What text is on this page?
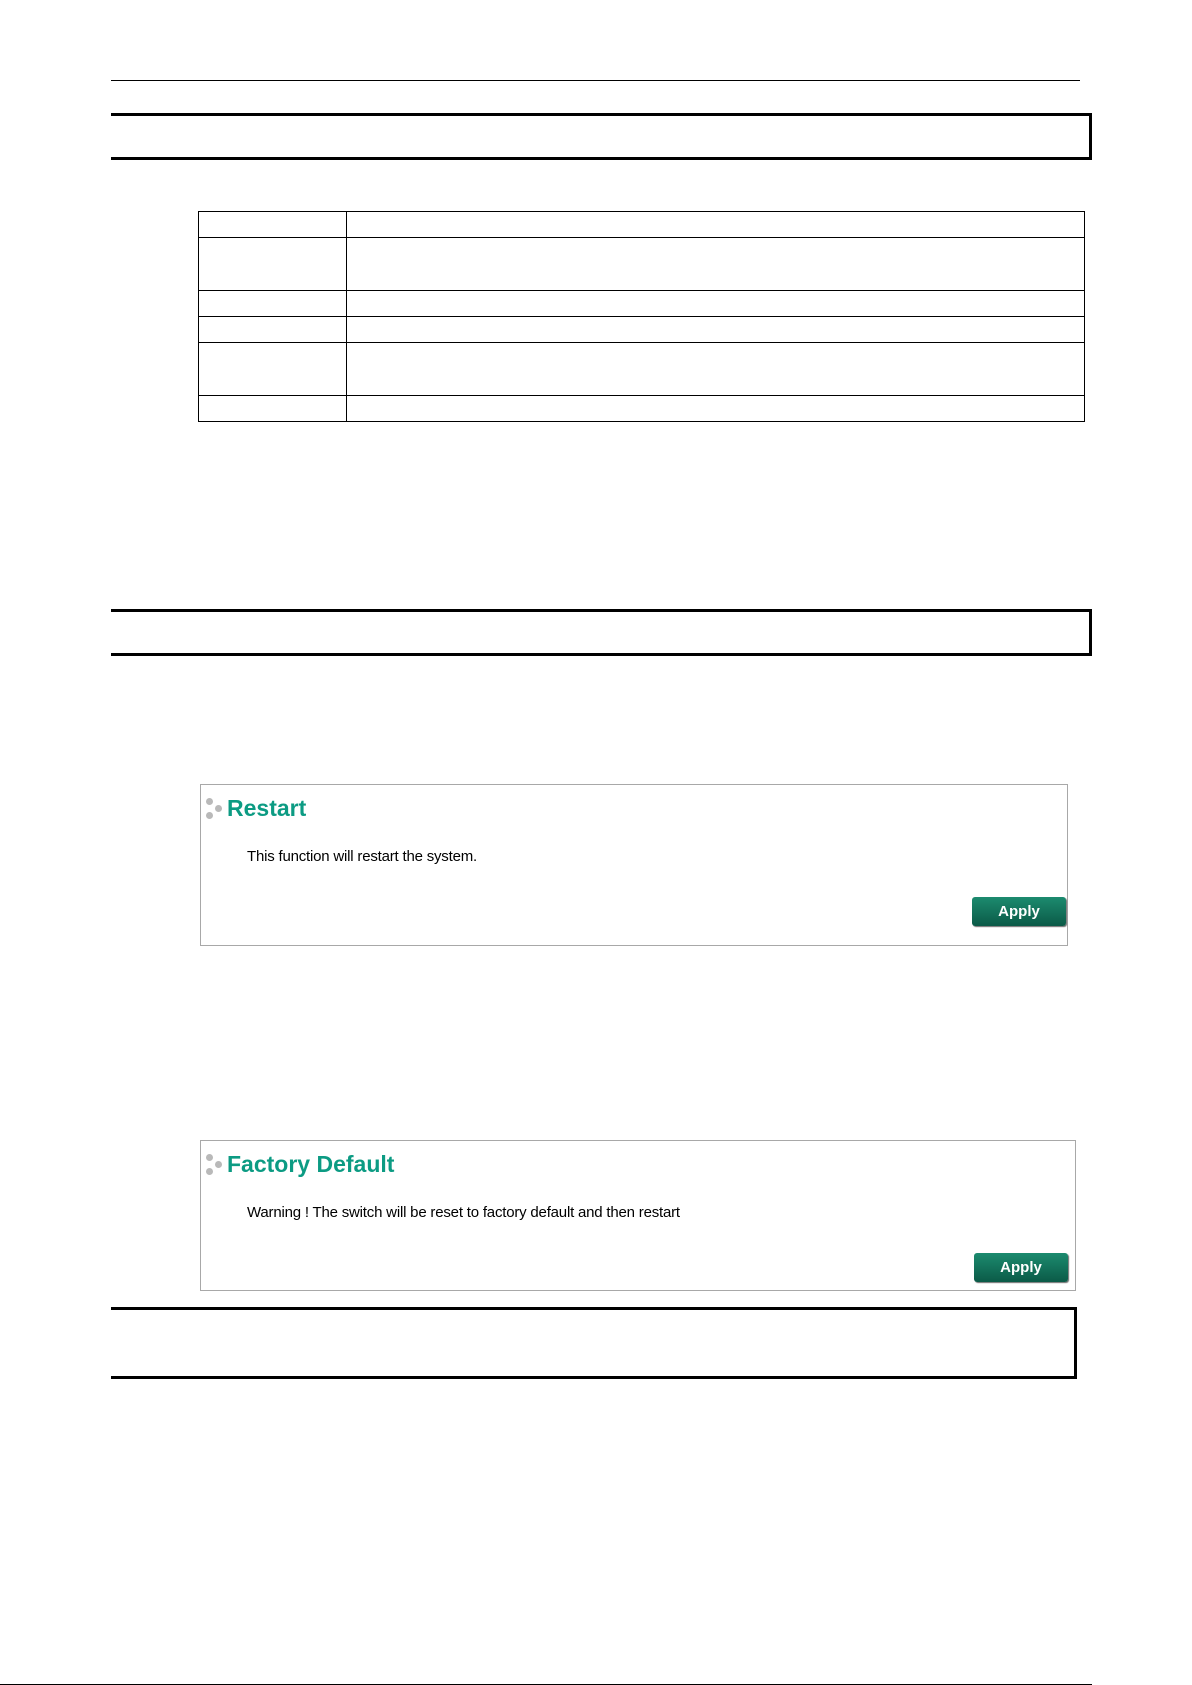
Restart
This function will restart the system.
Apply
Factory Default
Warning ! The switch will be reset to factory default and then restart
Apply
